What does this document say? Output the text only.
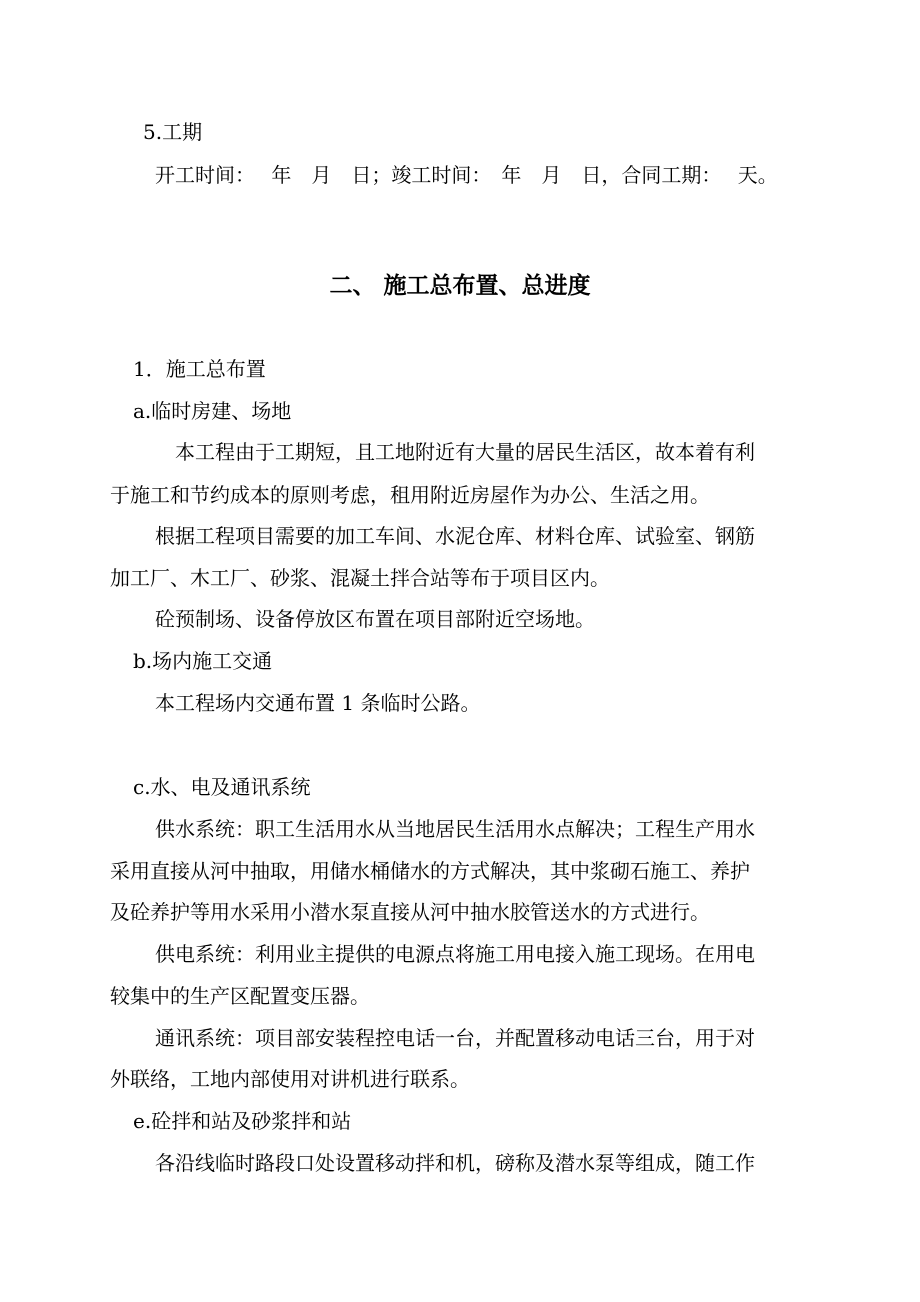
5.工期
开工时间：　 年　月　日；竣工时间：　年　月　日，合同工期：　 天。
二、 施工总布置、总进度
1．施工总布置
a.临时房建、场地
本工程由于工期短，且工地附近有大量的居民生活区，故本着有利
于施工和节约成本的原则考虑，租用附近房屋作为办公、生活之用。
根据工程项目需要的加工车间、水泥仓库、材料仓库、试验室、钢筋
加工厂、木工厂、砂浆、混凝土拌合站等布于项目区内。
砼预制场、设备停放区布置在项目部附近空场地。
b.场内施工交通
本工程场内交通布置 1 条临时公路。
c.水、电及通讯系统
供水系统：职工生活用水从当地居民生活用水点解决；工程生产用水
采用直接从河中抽取，用储水桶储水的方式解决，其中浆砌石施工、养护
及砼养护等用水采用小潜水泵直接从河中抽水胶管送水的方式进行。
供电系统：利用业主提供的电源点将施工用电接入施工现场。在用电
较集中的生产区配置变压器。
通讯系统：项目部安装程控电话一台，并配置移动电话三台，用于对
外联络，工地内部使用对讲机进行联系。
e.砼拌和站及砂浆拌和站
各沿线临时路段口处设置移动拌和机，磅称及潜水泵等组成，随工作
